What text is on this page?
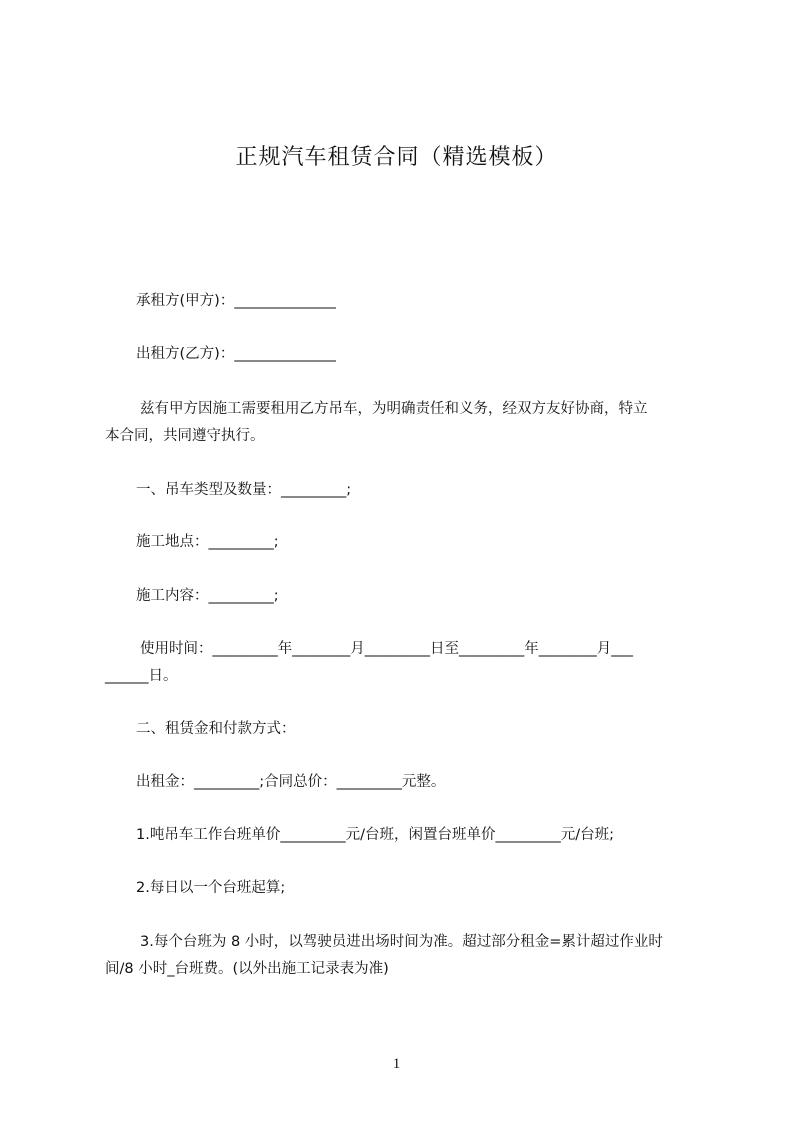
正规汽车租赁合同（精选模板）
承租方(甲方)：______________
出租方(乙方)：______________
兹有甲方因施工需要租用乙方吊车，为明确责任和义务，经双方友好协商，特立
本合同，共同遵守执行。
一、吊车类型及数量：_________;
施工地点：_________;
施工内容：_________;
使用时间：_________年________月_________日至_________年________月___
______日。
二、租赁金和付款方式：
出租金：_________;合同总价：_________元整。
1.吨吊车工作台班单价_________元/台班，闲置台班单价_________元/台班;
2.每日以一个台班起算;
3.每个台班为 8 小时，以驾驶员进出场时间为准。超过部分租金=累计超过作业时
间/8 小时_台班费。(以外出施工记录表为准)
1
